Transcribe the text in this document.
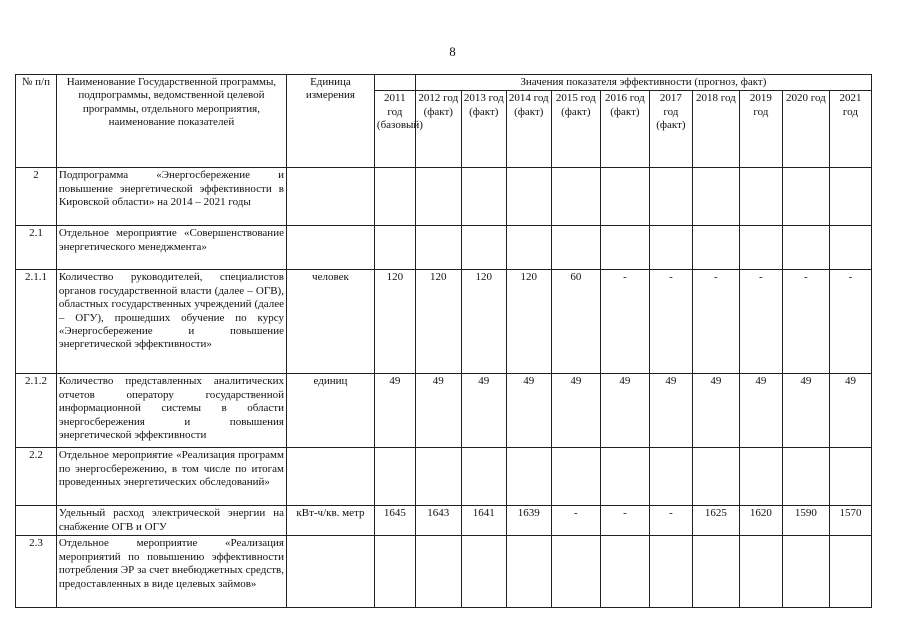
8
№ п/п	Наименование Государственной программы, подпрограммы, ведомственной целевой программы, отдельного мероприятия, наименование показателей	Единица измерения		Значения показателя эффективности (прогноз, факт)									
			2011 год (базовый)	2012 год (факт)	2013 год (факт)	2014 год (факт)	2015 год (факт)	2016 год (факт)	2017 год (факт)	2018 год	2019 год	2020 год	2021 год
2	Подпрограмма «Энергосбережение и повышение энергетической эффективности в Кировской области» на 2014 – 2021 годы												
2.1	Отдельное мероприятие «Совершенствование энергетического менеджмента»												
2.1.1	Количество руководителей, специалистов органов государственной власти (далее – ОГВ), областных государственных учреждений (далее – ОГУ), прошедших обучение по курсу «Энергосбережение и повышение энергетической эффективности»	человек	120	120	120	120	60	-	-	-	-	-	-
2.1.2	Количество представленных аналитических отчетов оператору государственной информационной системы в области энергосбережения и повышения энергетической эффективности	единиц	49	49	49	49	49	49	49	49	49	49	49
2.2	Отдельное мероприятие «Реализация программ по энергосбережению, в том числе по итогам проведенных энергетических обследований»												
	Удельный расход электрической энергии на снабжение ОГВ и ОГУ	кВт-ч/кв. метр	1645	1643	1641	1639	-	-	-	1625	1620	1590	1570
2.3	Отдельное мероприятие «Реализация мероприятий по повышению эффективности потребления ЭР за счет внебюджетных средств, предоставленных в виде целевых займов»												
